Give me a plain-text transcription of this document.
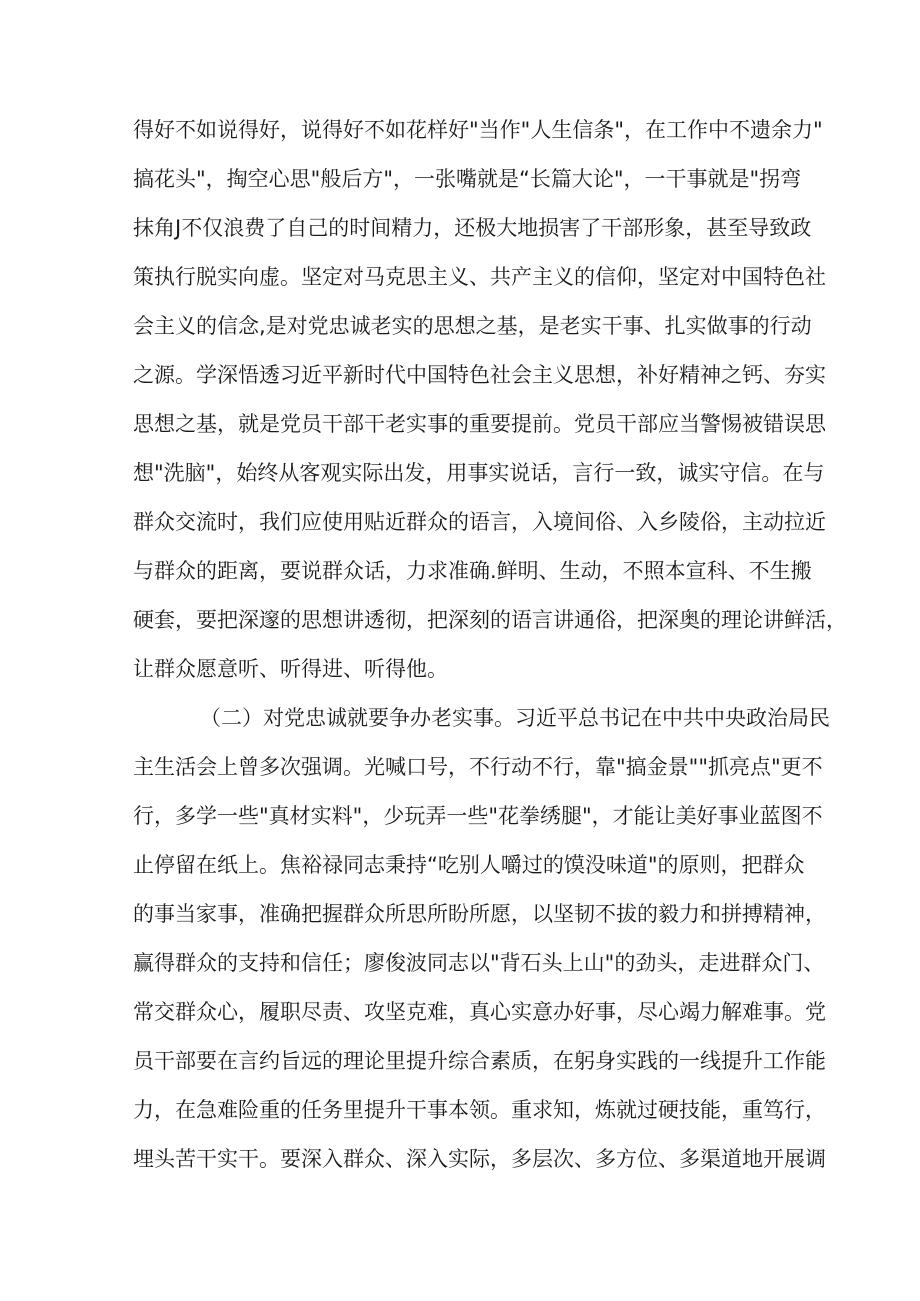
得好不如说得好，说得好不如花样好"当作"人生信条"，在工作中不遗余力"

搞花头"，掏空心思"般后方"，一张嘴就是“长篇大论"，一干事就是"拐弯

抹角J不仅浪费了自己的时间精力，还极大地损害了干部形象，甚至导致政

策执行脱实向虚。坚定对马克思主义、共产主义的信仰，坚定对中国特色社

会主义的信念,是对党忠诚老实的思想之基，是老实干事、扎实做事的行动

之源。学深悟透习近平新时代中国特色社会主义思想，补好精神之钙、夯实

思想之基，就是党员干部干老实事的重要提前。党员干部应当警惕被错误思

想"洗脑"，始终从客观实际出发，用事实说话，言行一致，诚实守信。在与

群众交流时，我们应使用贴近群众的语言，入境间俗、入乡陵俗，主动拉近

与群众的距离，要说群众话，力求准确.鲜明、生动，不照本宣科、不生搬

硬套，要把深邃的思想讲透彻，把深刻的语言讲通俗，把深奥的理论讲鲜活，

让群众愿意听、听得进、听得他。

（二）对党忠诚就要争办老实事。习近平总书记在中共中央政治局民

主生活会上曾多次强调。光喊口号，不行动不行，靠"搞金景""抓亮点"更不

行，多学一些"真材实料"，少玩弄一些"花拳绣腿"，才能让美好事业蓝图不

止停留在纸上。焦裕禄同志秉持“吃别人嚼过的馍没味道"的原则，把群众

的事当家事，准确把握群众所思所盼所愿，以坚韧不拔的毅力和拼搏精神，

赢得群众的支持和信任；廖俊波同志以"背石头上山"的劲头，走进群众门、

常交群众心，履职尽责、攻坚克难，真心实意办好事，尽心竭力解难事。党

员干部要在言约旨远的理论里提升综合素质，在躬身实践的一线提升工作能

力，在急难险重的任务里提升干事本领。重求知，炼就过硬技能，重笃行，

埋头苦干实干。要深入群众、深入实际，多层次、多方位、多渠道地开展调
